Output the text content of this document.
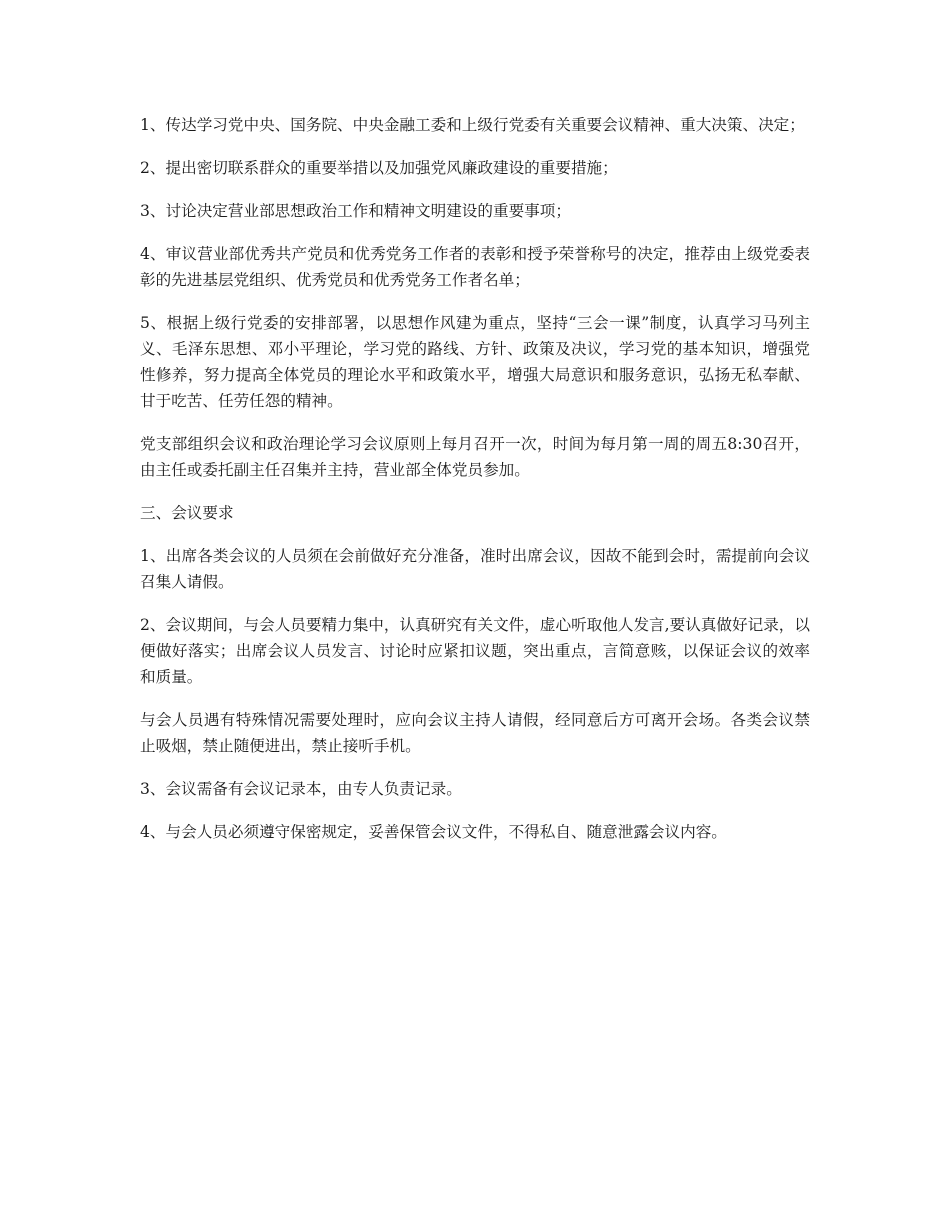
1、传达学习党中央、国务院、中央金融工委和上级行党委有关重要会议精神、重大决策、决定；

2、提出密切联系群众的重要举措以及加强党风廉政建设的重要措施；

3、讨论决定营业部思想政治工作和精神文明建设的重要事项；

4、审议营业部优秀共产党员和优秀党务工作者的表彰和授予荣誉称号的决定，推荐由上级党委表彰的先进基层党组织、优秀党员和优秀党务工作者名单；

5、根据上级行党委的安排部署，以思想作风建为重点，坚持“三会一课”制度，认真学习马列主义、毛泽东思想、邓小平理论，学习党的路线、方针、政策及决议，学习党的基本知识，增强党性修养，努力提高全体党员的理论水平和政策水平，增强大局意识和服务意识，弘扬无私奉献、甘于吃苦、任劳任怨的精神。

党支部组织会议和政治理论学习会议原则上每月召开一次，时间为每月第一周的周五8:30召开，由主任或委托副主任召集并主持，营业部全体党员参加。

三、会议要求

1、出席各类会议的人员须在会前做好充分准备，准时出席会议，因故不能到会时，需提前向会议召集人请假。

2、会议期间，与会人员要精力集中，认真研究有关文件，虚心听取他人发言,要认真做好记录，以便做好落实；出席会议人员发言、讨论时应紧扣议题，突出重点，言简意赅，以保证会议的效率和质量。

与会人员遇有特殊情况需要处理时，应向会议主持人请假，经同意后方可离开会场。各类会议禁止吸烟，禁止随便进出，禁止接听手机。

3、会议需备有会议记录本，由专人负责记录。

4、与会人员必须遵守保密规定，妥善保管会议文件，不得私自、随意泄露会议内容。
